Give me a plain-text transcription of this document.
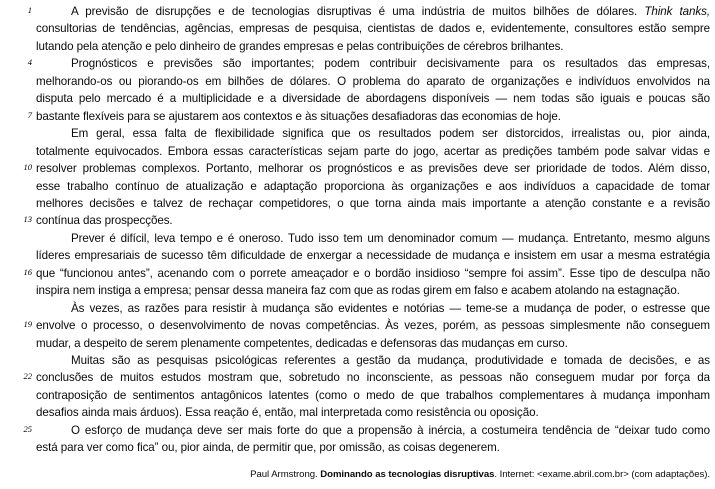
1	A previsão de disrupções e de tecnologias disruptivas é uma indústria de muitos bilhões de dólares. Think tanks,
consultorias de tendências, agências, empresas de pesquisa, cientistas de dados e, evidentemente, consultores estão sempre
lutando pela atenção e pelo dinheiro de grandes empresas e pelas contribuições de cérebros brilhantes.
4	Prognósticos e previsões são importantes; podem contribuir decisivamente para os resultados das empresas,
melhorando-os ou piorando-os em bilhões de dólares. O problema do aparato de organizações e indivíduos envolvidos na
disputa pelo mercado é a multiplicidade e a diversidade de abordagens disponíveis — nem todas são iguais e poucas são
7 bastante flexíveis para se ajustarem aos contextos e às situações desafiadoras das economias de hoje.
Em geral, essa falta de flexibilidade significa que os resultados podem ser distorcidos, irrealistas ou, pior ainda,
totalmente equivocados. Embora essas características sejam parte do jogo, acertar as predições também pode salvar vidas e
10 resolver problemas complexos. Portanto, melhorar os prognósticos e as previsões deve ser prioridade de todos. Além disso,
esse trabalho contínuo de atualização e adaptação proporciona às organizações e aos indivíduos a capacidade de tomar
melhores decisões e talvez de rechaçar competidores, o que torna ainda mais importante a atenção constante e a revisão
13 contínua das prospecções.
Prever é difícil, leva tempo e é oneroso. Tudo isso tem um denominador comum — mudança. Entretanto, mesmo alguns
líderes empresariais de sucesso têm dificuldade de enxergar a necessidade de mudança e insistem em usar a mesma estratégia
16 que “funcionou antes”, acenando com o porrete ameaçador e o bordão insidioso “sempre foi assim”. Esse tipo de desculpa não
inspira nem instiga a empresa; pensar dessa maneira faz com que as rodas girem em falso e acabem atolando na estagnação.
Às vezes, as razões para resistir à mudança são evidentes e notórias — teme-se a mudança de poder, o estresse que
19 envolve o processo, o desenvolvimento de novas competências. Às vezes, porém, as pessoas simplesmente não conseguem
mudar, a despeito de serem plenamente competentes, dedicadas e defensoras das mudanças em curso.
Muitas são as pesquisas psicológicas referentes a gestão da mudança, produtividade e tomada de decisões, e as
22 conclusões de muitos estudos mostram que, sobretudo no inconsciente, as pessoas não conseguem mudar por força da
contraposição de sentimentos antagônicos latentes (como o medo de que trabalhos complementares à mudança imponham
desafios ainda mais árduos). Essa reação é, então, mal interpretada como resistência ou oposição.
25	O esforço de mudança deve ser mais forte do que a propensão à inércia, a costumeira tendência de “deixar tudo como
está para ver como fica” ou, pior ainda, de permitir que, por omissão, as coisas degenerem.
Paul Armstrong. Dominando as tecnologias disruptivas. Internet: <exame.abril.com.br> (com adaptações).
